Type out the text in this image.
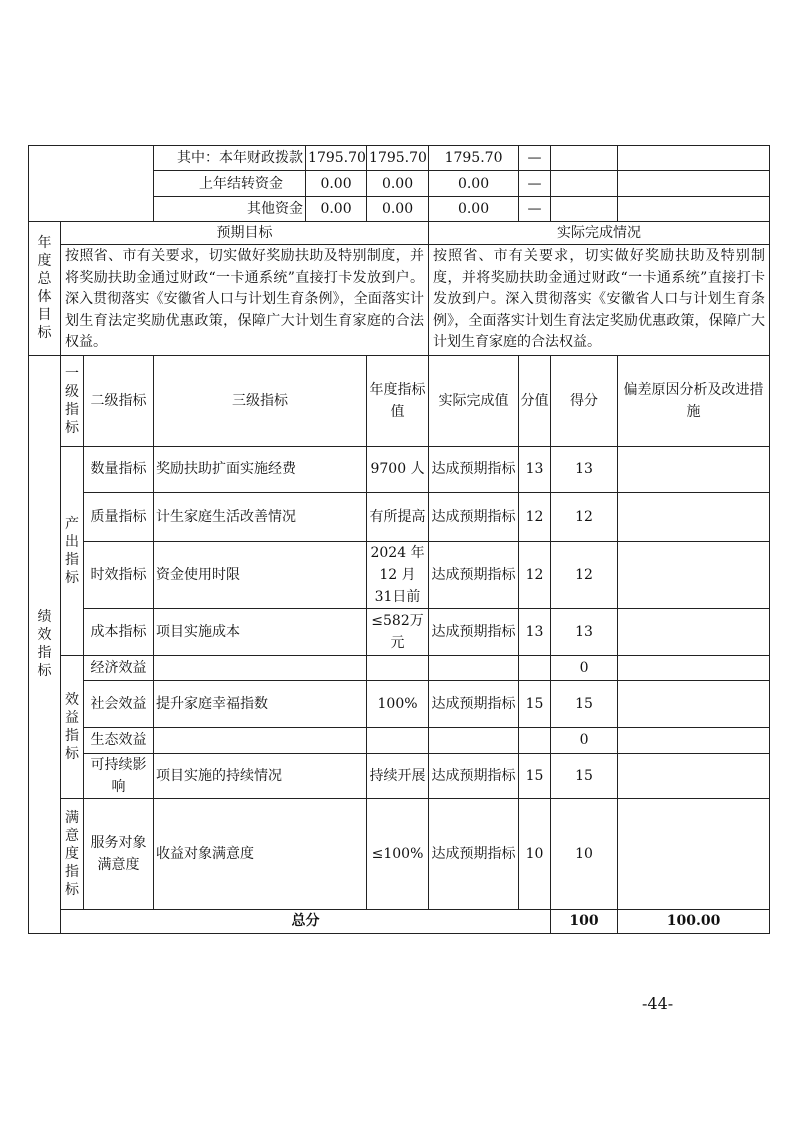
			其中：本年财政拨款	1795.70	1795.70	1795.70	—			
			上年结转资金	0.00	0.00	0.00	—			
			其他资金	0.00	0.00	0.00	—			
年度总体目标	预期目标					实际完成情况				
	按照省、市有关要求，切实做好奖励扶助及特别制度，并将奖励扶助金通过财政“一卡通系统”直接打卡发放到户。深入贯彻落实《安徽省人口与计划生育条例》，全面落实计划生育法定奖励优惠政策，保障广大计划生育家庭的合法权益。					按照省、市有关要求，切实做好奖励扶助及特别制度，并将奖励扶助金通过财政“一卡通系统”直接打卡发放到户。深入贯彻落实《安徽省人口与计划生育条例》，全面落实计划生育法定奖励优惠政策，保障广大计划生育家庭的合法权益。				
绩效指标	一级指标	二级指标	三级指标		年度指标值	实际完成值	分值	得分	偏差原因分析及改进措施	
	产出指标	数量指标	奖励扶助扩面实施经费		9700 人	达成预期指标	13	13		
		质量指标	计生家庭生活改善情况		有所提高	达成预期指标	12	12		
		时效指标	资金使用时限		2024 年12 月 31日前	达成预期指标	12	12		
		成本指标	项目实施成本		≤582万元	达成预期指标	13	13		
	效益指标	经济效益						0		
		社会效益	提升家庭幸福指数		100%	达成预期指标	15	15		
		生态效益						0		
		可持续影响	项目实施的持续情况		持续开展	达成预期指标	15	15		
	满意度指标	服务对象满意度	收益对象满意度		≤100%	达成预期指标	10	10		
	总分							100	100.00	
-44-
